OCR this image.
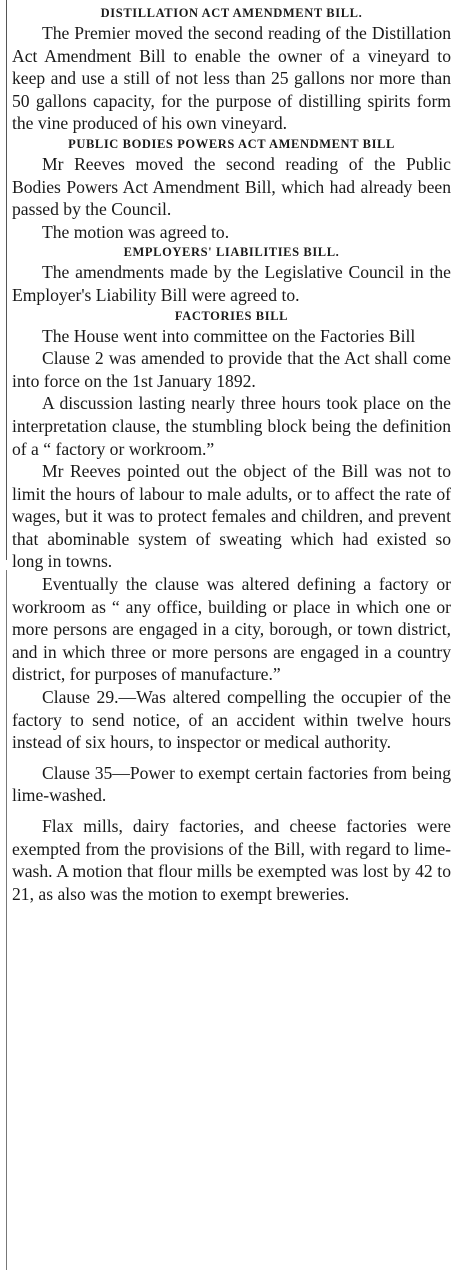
DISTILLATION ACT AMENDMENT BILL.

The Premier moved the second reading of the Distillation Act Amendment Bill to enable the owner of a vineyard to keep and use a still of not less than 25 gallons nor more than 50 gallons capacity, for the purpose of distilling spirits form the vine produced of his own vineyard.

PUBLIC BODIES POWERS ACT AMENDMENT BILL

Mr Reeves moved the second reading of the Public Bodies Powers Act Amendment Bill, which had already been passed by the Council.

The motion was agreed to.

EMPLOYERS' LIABILITIES BILL.

The amendments made by the Legislative Council in the Employer's Liability Bill were agreed to.

FACTORIES BILL

The House went into committee on the Factories Bill

Clause 2 was amended to provide that the Act shall come into force on the 1st January 1892.

A discussion lasting nearly three hours took place on the interpretation clause, the stumbling block being the definition of a “ factory or workroom.”

Mr Reeves pointed out the object of the Bill was not to limit the hours of labour to male adults, or to affect the rate of wages, but it was to protect females and children, and prevent that abominable system of sweating which had existed so long in towns.

Eventually the clause was altered defining a factory or workroom as “ any office, building or place in which one or more persons are engaged in a city, borough, or town district, and in which three or more persons are engaged in a country district, for purposes of manufacture.”

Clause 29.—Was altered compelling the occupier of the factory to send notice, of an accident within twelve hours instead of six hours, to inspector or medical authority.

Clause 35—Power to exempt certain factories from being lime-washed.

Flax mills, dairy factories, and cheese factories were exempted from the provisions of the Bill, with regard to lime-wash. A motion that flour mills be exempted was lost by 42 to 21, as also was the motion to exempt breweries.
